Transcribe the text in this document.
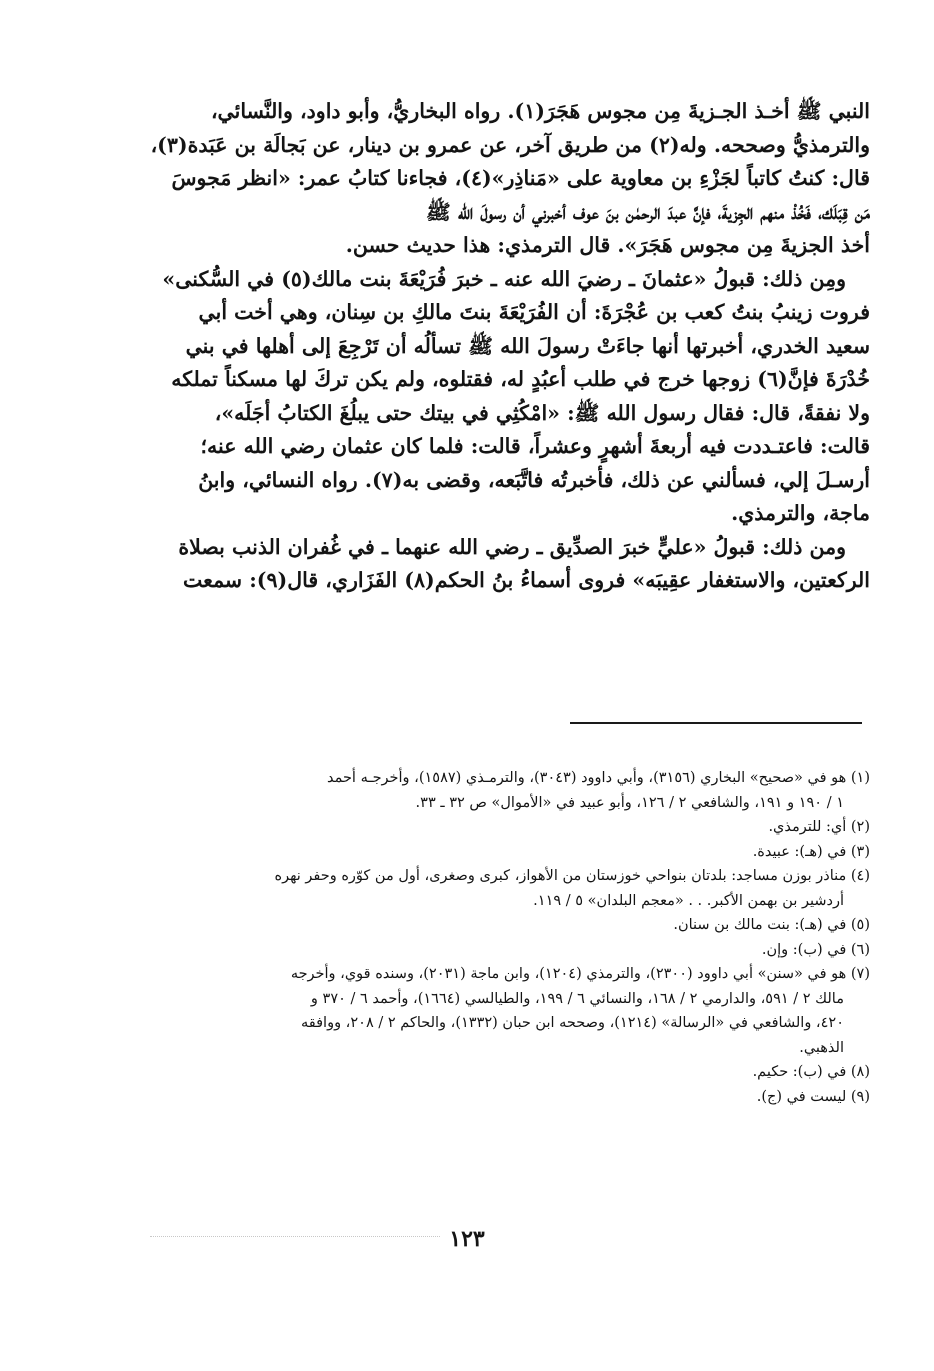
النبي ﷺ أخـذ الجـزيةَ مِن مجوس هَجَرَ(١). رواه البخاريُّ، وأبو داود، والنَّسائي،
والترمذيُّ وصححه. وله(٢) من طريق آخر، عن عمرو بن دينار، عن بَجالَة بن عَبَدة(٣)،
قال: كنتُ كاتباً لجَزْءِ بن معاوية على «مَناذِر»(٤)، فجاءنا كتابُ عمر: «انظر مَجوسَ
مَن قِبَلَك، فَخُذْ منهم الجِزيةَ، فإنَّ عبدَ الرحمٰن بنَ عوف أخبرني أن رسولَ الله ﷺ
أخذ الجزيةَ مِن مجوس هَجَرَ». قال الترمذي: هذا حديث حسن.
ومِن ذلك: قبولُ «عثمانَ ـ رضيَ الله عنه ـ خبرَ فُرَيْعَةَ بنت مالك(٥) في السُّكنى»
فروت زينبُ بنتُ كعب بن عُجْرَةَ: أن الفُرَيْعَةَ بنتَ مالكِ بن سِنان، وهي أخت أبي
سعيد الخدري، أخبرتها أنها جاءَتْ رسولَ الله ﷺ تسألُه أن تَرْجِعَ إلى أهلها في بني
خُدْرَةَ فإنَّ(٦) زوجها خرج في طلب أعبُدٍ له، فقتلوه، ولم يكن تركَ لها مسكناً تملكه
ولا نفقةً، قال: فقال رسول الله ﷺ: «امْكُثِي في بيتك حتى يبلُغَ الكتابُ أجَلَه»،
قالت: فاعتـددت فيه أربعةَ أشهرٍ وعشراً، قالت: فلما كان عثمان رضي الله عنه؛
أرسـلَ إلي، فسألني عن ذلك، فأخبرتُه فاتَّبَعه، وقضى به(٧). رواه النسائي، وابنُ
ماجة، والترمذي.
ومن ذلك: قبولُ «عليٍّ خبرَ الصدِّيق ـ رضي الله عنهما ـ في غُفران الذنب بصلاة
الركعتين، والاستغفار عقِيبَه» فروى أسماءُ بنُ الحكم(٨) الفَزَاري، قال(٩): سمعت
(١) هو في «صحيح» البخاري (٣١٥٦)، وأبي داوود (٣٠٤٣)، والترمـذي (١٥٨٧)، وأخرجـه أحمد
١ / ١٩٠ و ١٩١، والشافعي ٢ / ١٢٦، وأبو عبيد في «الأموال» ص ٣٢ ـ ٣٣.
(٢) أي: للترمذي.
(٣) في (هـ): عبيدة.
(٤) مناذر بوزن مساجد: بلدتان بنواحي خوزستان من الأهواز، كبرى وصغرى، أول من كوّره وحفر نهره
أردشير بن بهمن الأكبر. . . «معجم البلدان» ٥ / ١١٩.
(٥) في (هـ): بنت مالك بن سنان.
(٦) في (ب): وإن.
(٧) هو في «سنن» أبي داوود (٢٣٠٠)، والترمذي (١٢٠٤)، وابن ماجة (٢٠٣١)، وسنده قوي، وأخرجه
مالك ٢ / ٥٩١، والدارمي ٢ / ١٦٨، والنسائي ٦ / ١٩٩، والطيالسي (١٦٦٤)، وأحمد ٦ / ٣٧٠ و
٤٢٠، والشافعي في «الرسالة» (١٢١٤)، وصححه ابن حبان (١٣٣٢)، والحاكم ٢ / ٢٠٨، ووافقه
الذهبي.
(٨) في (ب): حكيم.
(٩) ليست في (ج).
١٢٣
